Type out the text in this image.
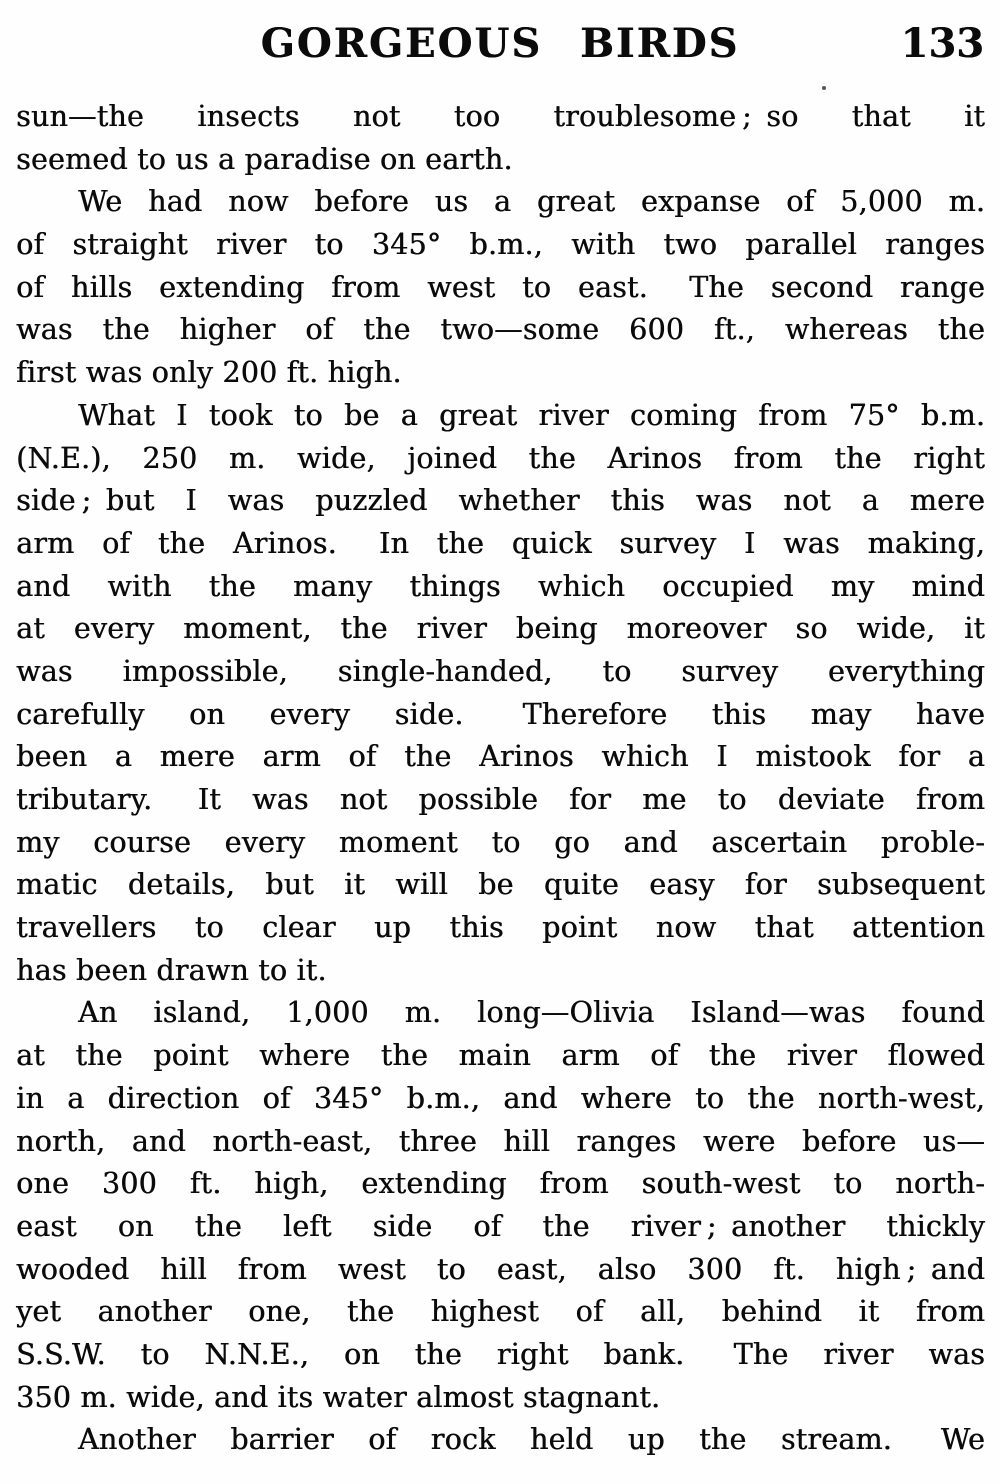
GORGEOUS BIRDS	133

sun—the insects not too troublesome ; so that it
seemed to us a paradise on earth.

We had now before us a great expanse of 5,000 m.
of straight river to 345° b.m., with two parallel ranges
of hills extending from west to east.  The second range
was the higher of the two—some 600 ft., whereas the
first was only 200 ft. high.

What I took to be a great river coming from 75° b.m.
(N.E.), 250 m. wide, joined the Arinos from the right
side ; but I was puzzled whether this was not a mere
arm of the Arinos.  In the quick survey I was making,
and with the many things which occupied my mind
at every moment, the river being moreover so wide, it
was impossible, single-handed, to survey everything
carefully on every side.  Therefore this may have
been a mere arm of the Arinos which I mistook for a
tributary.  It was not possible for me to deviate from
my course every moment to go and ascertain proble-
matic details, but it will be quite easy for subsequent
travellers to clear up this point now that attention
has been drawn to it.

An island, 1,000 m. long—Olivia Island—was found
at the point where the main arm of the river flowed
in a direction of 345° b.m., and where to the north-west,
north, and north-east, three hill ranges were before us—
one 300 ft. high, extending from south-west to north-
east on the left side of the river ; another thickly
wooded hill from west to east, also 300 ft. high ; and
yet another one, the highest of all, behind it from
S.S.W. to N.N.E., on the right bank.  The river was
350 m. wide, and its water almost stagnant.

Another barrier of rock held up the stream.  We
